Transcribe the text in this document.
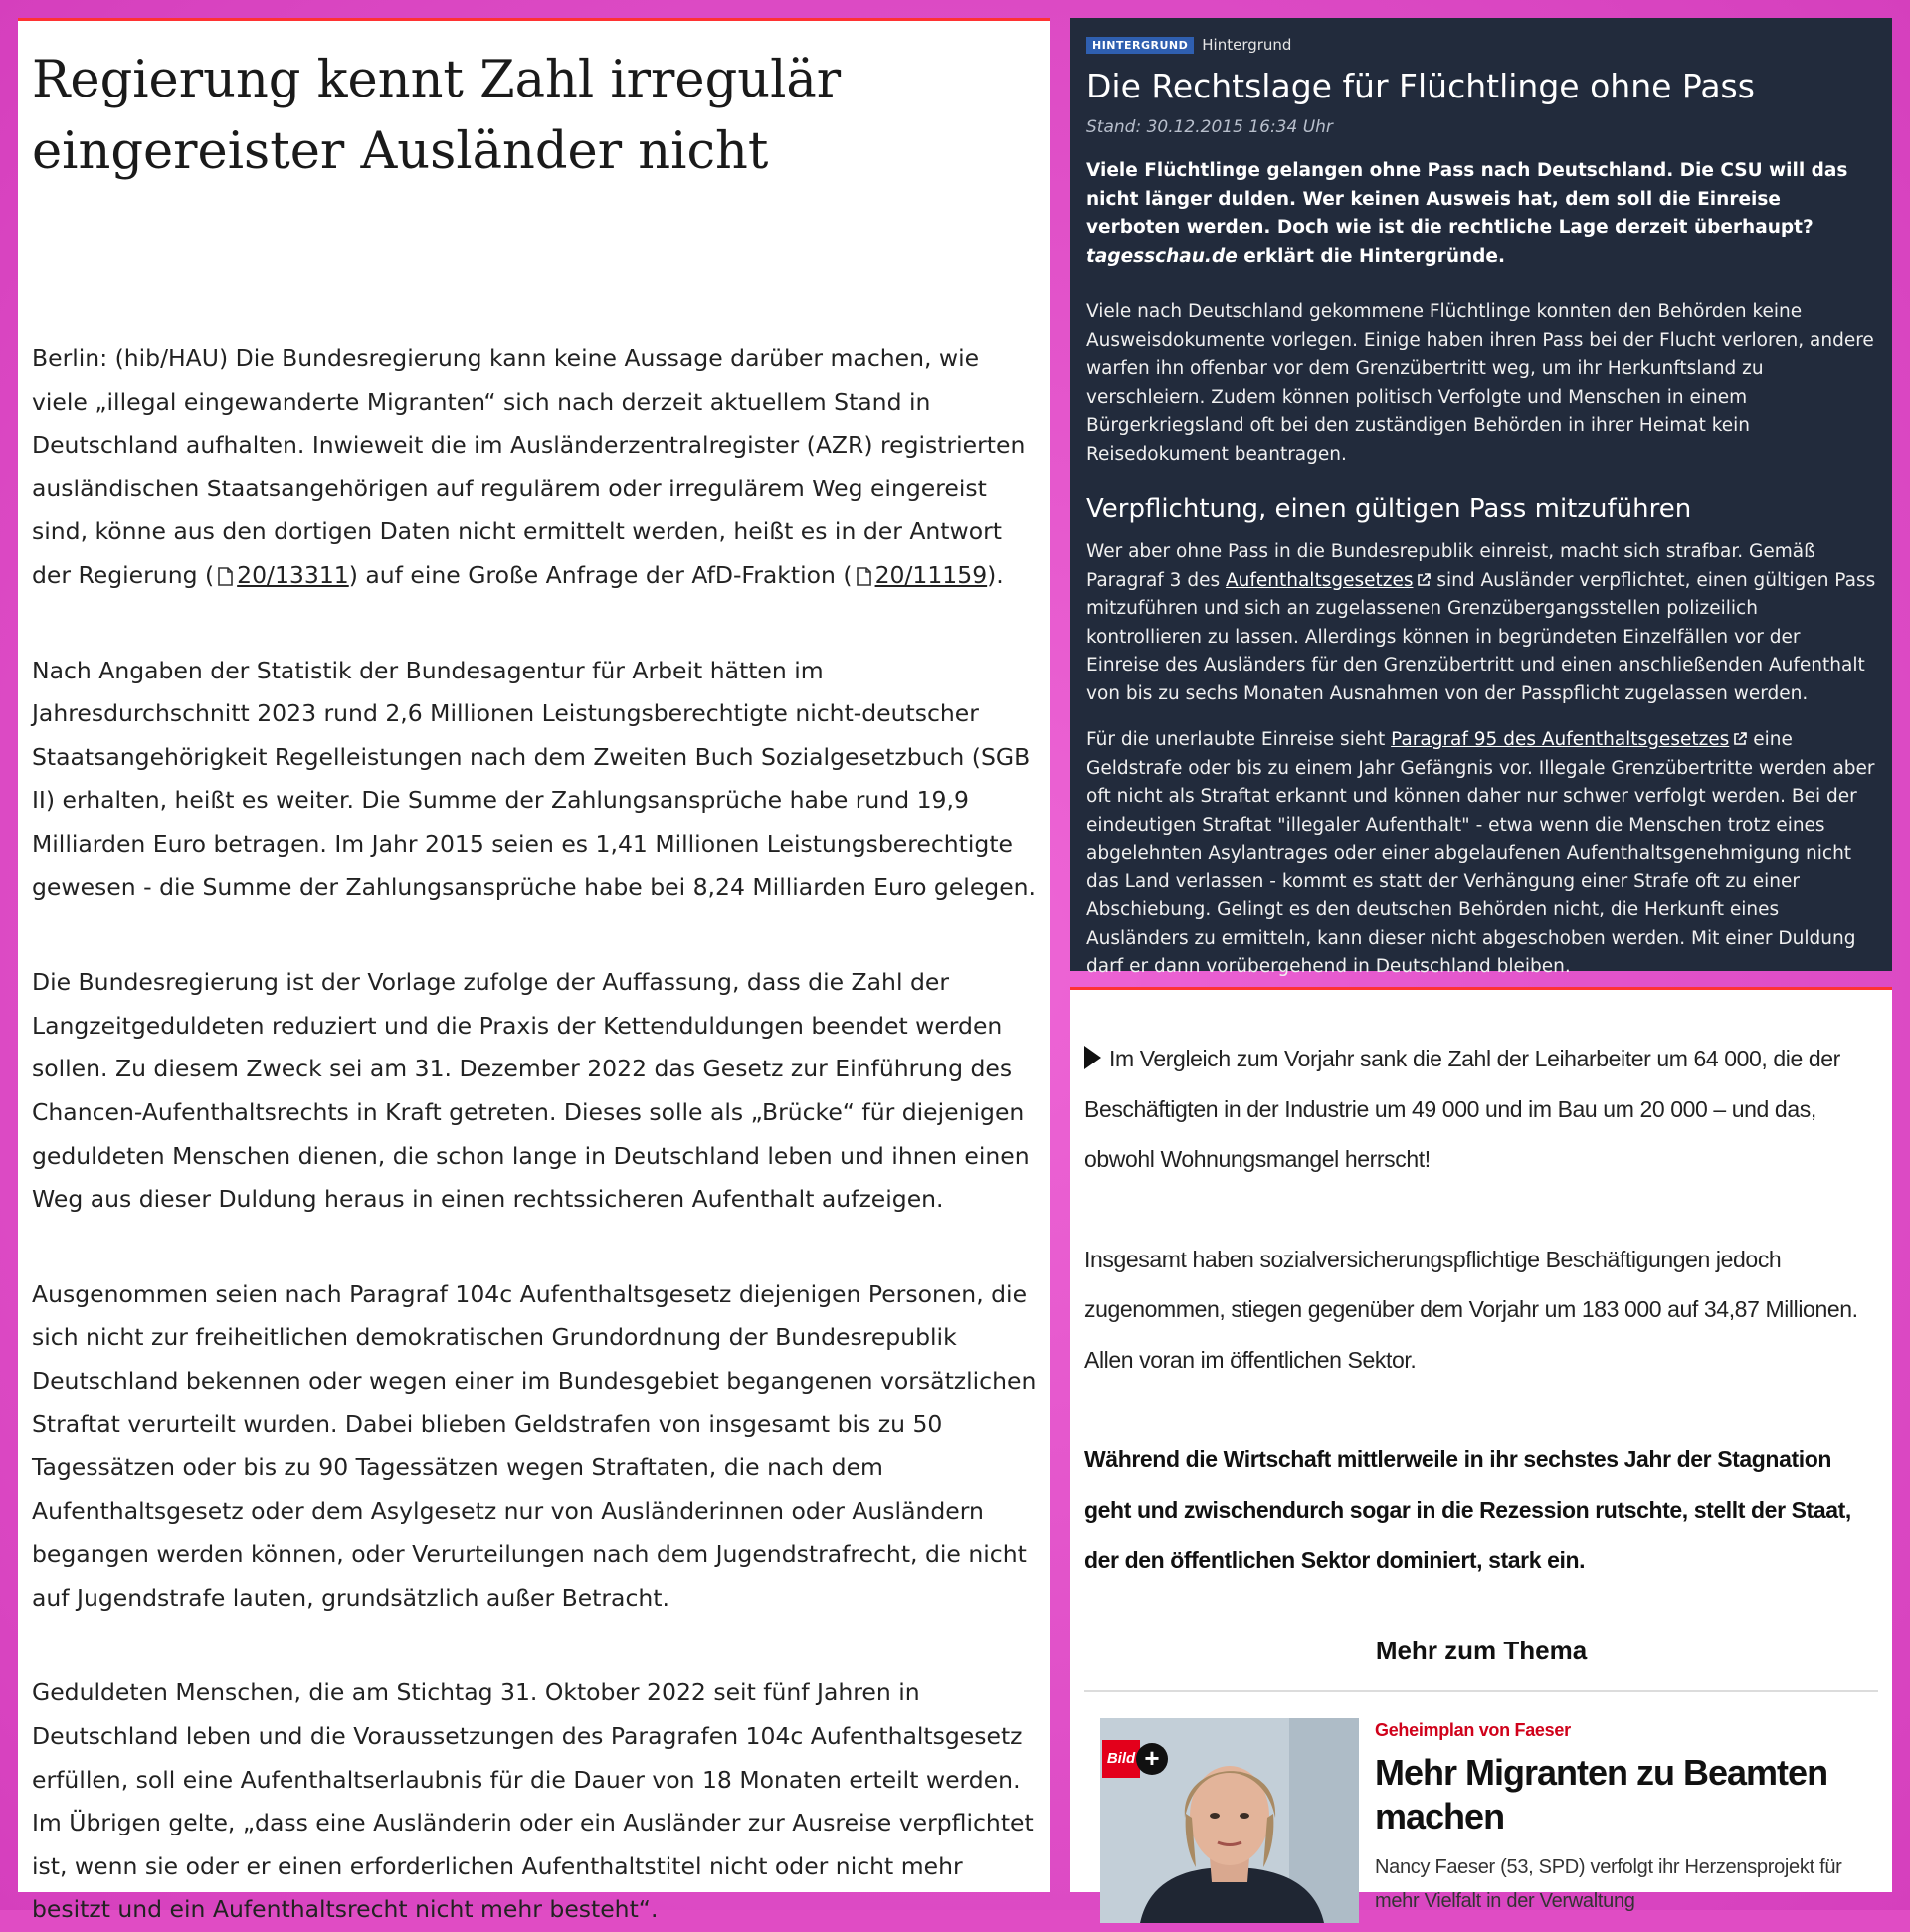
Regierung kennt Zahl irregulär eingereister Ausländer nicht

Berlin: (hib/HAU) Die Bundesregierung kann keine Aussage darüber machen, wie viele „illegal eingewanderte Migranten“ sich nach derzeit aktuellem Stand in Deutschland aufhalten. Inwieweit die im Ausländerzentralregister (AZR) registrierten ausländischen Staatsangehörigen auf regulärem oder irregulärem Weg eingereist sind, könne aus den dortigen Daten nicht ermittelt werden, heißt es in der Antwort der Regierung ( 20/13311) auf eine Große Anfrage der AfD-Fraktion ( 20/11159).

Nach Angaben der Statistik der Bundesagentur für Arbeit hätten im Jahresdurchschnitt 2023 rund 2,6 Millionen Leistungsberechtigte nicht-deutscher Staatsangehörigkeit Regelleistungen nach dem Zweiten Buch Sozialgesetzbuch (SGB II) erhalten, heißt es weiter. Die Summe der Zahlungsansprüche habe rund 19,9 Milliarden Euro betragen. Im Jahr 2015 seien es 1,41 Millionen Leistungsberechtigte gewesen - die Summe der Zahlungsansprüche habe bei 8,24 Milliarden Euro gelegen.

Die Bundesregierung ist der Vorlage zufolge der Auffassung, dass die Zahl der Langzeitgeduldeten reduziert und die Praxis der Kettenduldungen beendet werden sollen. Zu diesem Zweck sei am 31. Dezember 2022 das Gesetz zur Einführung des Chancen-Aufenthaltsrechts in Kraft getreten. Dieses solle als „Brücke“ für diejenigen geduldeten Menschen dienen, die schon lange in Deutschland leben und ihnen einen Weg aus dieser Duldung heraus in einen rechtssicheren Aufenthalt aufzeigen.

Ausgenommen seien nach Paragraf 104c Aufenthaltsgesetz diejenigen Personen, die sich nicht zur freiheitlichen demokratischen Grundordnung der Bundesrepublik Deutschland bekennen oder wegen einer im Bundesgebiet begangenen vorsätzlichen Straftat verurteilt wurden. Dabei blieben Geldstrafen von insgesamt bis zu 50 Tagessätzen oder bis zu 90 Tagessätzen wegen Straftaten, die nach dem Aufenthaltsgesetz oder dem Asylgesetz nur von Ausländerinnen oder Ausländern begangen werden können, oder Verurteilungen nach dem Jugendstrafrecht, die nicht auf Jugendstrafe lauten, grundsätzlich außer Betracht.

Geduldeten Menschen, die am Stichtag 31. Oktober 2022 seit fünf Jahren in Deutschland leben und die Voraussetzungen des Paragrafen 104c Aufenthaltsgesetz erfüllen, soll eine Aufenthaltserlaubnis für die Dauer von 18 Monaten erteilt werden. Im Übrigen gelte, „dass eine Ausländerin oder ein Ausländer zur Ausreise verpflichtet ist, wenn sie oder er einen erforderlichen Aufenthaltstitel nicht oder nicht mehr besitzt und ein Aufenthaltsrecht nicht mehr besteht“.

HINTERGRUND Hintergrund
Die Rechtslage für Flüchtlinge ohne Pass
Stand: 30.12.2015 16:34 Uhr

Viele Flüchtlinge gelangen ohne Pass nach Deutschland. Die CSU will das nicht länger dulden. Wer keinen Ausweis hat, dem soll die Einreise verboten werden. Doch wie ist die rechtliche Lage derzeit überhaupt? tagesschau.de erklärt die Hintergründe.

Viele nach Deutschland gekommene Flüchtlinge konnten den Behörden keine Ausweisdokumente vorlegen. Einige haben ihren Pass bei der Flucht verloren, andere warfen ihn offenbar vor dem Grenzübertritt weg, um ihr Herkunftsland zu verschleiern. Zudem können politisch Verfolgte und Menschen in einem Bürgerkriegsland oft bei den zuständigen Behörden in ihrer Heimat kein Reisedokument beantragen.

Verpflichtung, einen gültigen Pass mitzuführen

Wer aber ohne Pass in die Bundesrepublik einreist, macht sich strafbar. Gemäß Paragraf 3 des Aufenthaltsgesetzes sind Ausländer verpflichtet, einen gültigen Pass mitzuführen und sich an zugelassenen Grenzübergangsstellen polizeilich kontrollieren zu lassen. Allerdings können in begründeten Einzelfällen vor der Einreise des Ausländers für den Grenzübertritt und einen anschließenden Aufenthalt von bis zu sechs Monaten Ausnahmen von der Passpflicht zugelassen werden.

Für die unerlaubte Einreise sieht Paragraf 95 des Aufenthaltsgesetzes eine Geldstrafe oder bis zu einem Jahr Gefängnis vor. Illegale Grenzübertritte werden aber oft nicht als Straftat erkannt und können daher nur schwer verfolgt werden. Bei der eindeutigen Straftat "illegaler Aufenthalt" - etwa wenn die Menschen trotz eines abgelehnten Asylantrages oder einer abgelaufenen Aufenthaltsgenehmigung nicht das Land verlassen - kommt es statt der Verhängung einer Strafe oft zu einer Abschiebung. Gelingt es den deutschen Behörden nicht, die Herkunft eines Ausländers zu ermitteln, kann dieser nicht abgeschoben werden. Mit einer Duldung darf er dann vorübergehend in Deutschland bleiben.

Im Vergleich zum Vorjahr sank die Zahl der Leiharbeiter um 64 000, die der Beschäftigten in der Industrie um 49 000 und im Bau um 20 000 – und das, obwohl Wohnungsmangel herrscht!

Insgesamt haben sozialversicherungspflichtige Beschäftigungen jedoch zugenommen, stiegen gegenüber dem Vorjahr um 183 000 auf 34,87 Millionen. Allen voran im öffentlichen Sektor.

Während die Wirtschaft mittlerweile in ihr sechstes Jahr der Stagnation geht und zwischendurch sogar in die Rezession rutschte, stellt der Staat, der den öffentlichen Sektor dominiert, stark ein.

Mehr zum Thema
Bild +
Geheimplan von Faeser
Mehr Migranten zu Beamten machen
Nancy Faeser (53, SPD) verfolgt ihr Herzensprojekt für mehr Vielfalt in der Verwaltung
